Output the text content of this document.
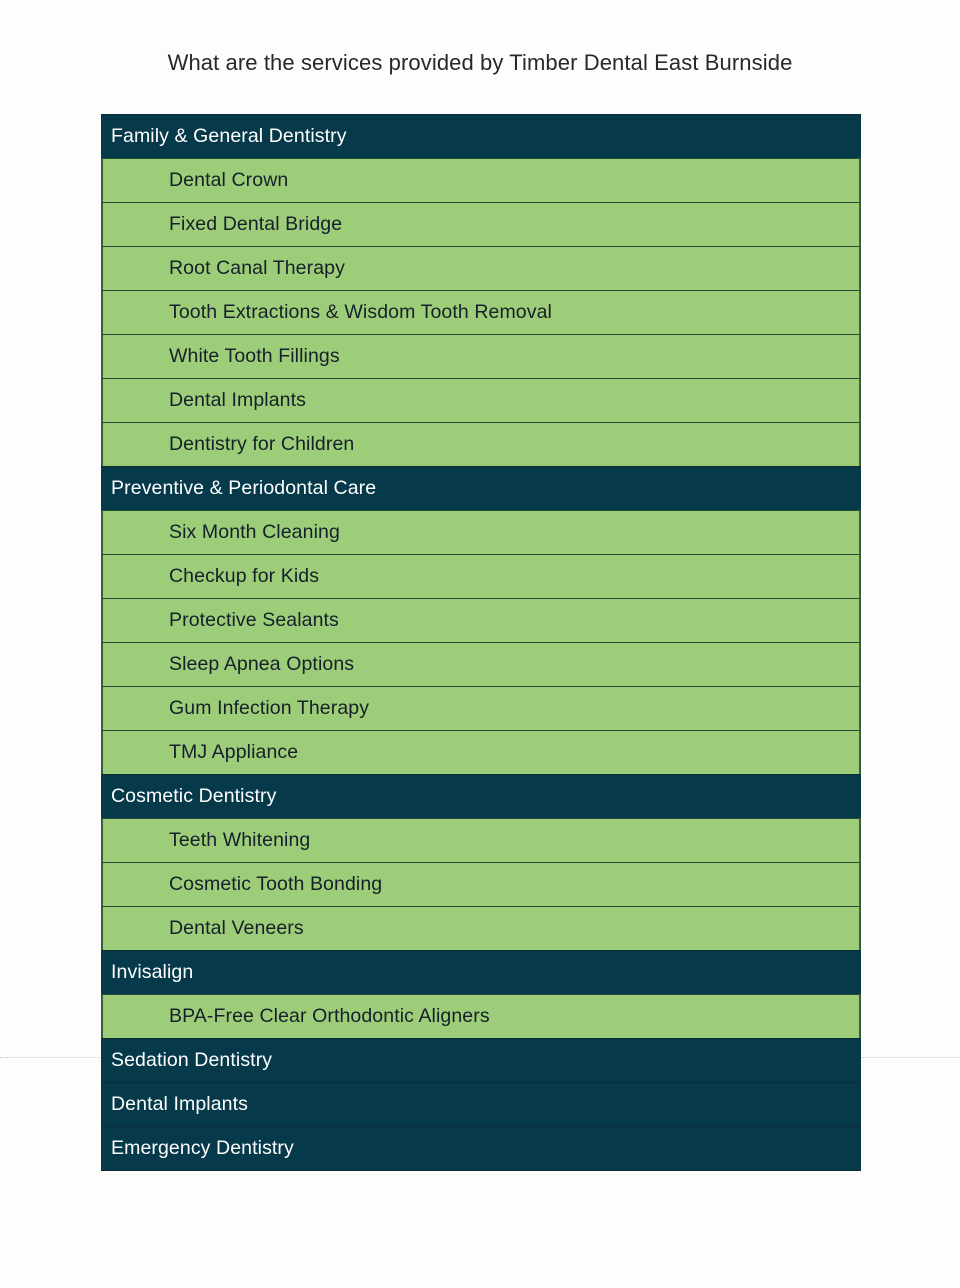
What are the services provided by Timber Dental East Burnside
Family & General Dentistry
Dental Crown
Fixed Dental Bridge
Root Canal Therapy
Tooth Extractions & Wisdom Tooth Removal
White Tooth Fillings
Dental Implants
Dentistry for Children
Preventive & Periodontal Care
Six Month Cleaning
Checkup for Kids
Protective Sealants
Sleep Apnea Options
Gum Infection Therapy
TMJ Appliance
Cosmetic Dentistry
Teeth Whitening
Cosmetic Tooth Bonding
Dental Veneers
Invisalign
BPA-Free Clear Orthodontic Aligners
Sedation Dentistry
Dental Implants
Emergency Dentistry
